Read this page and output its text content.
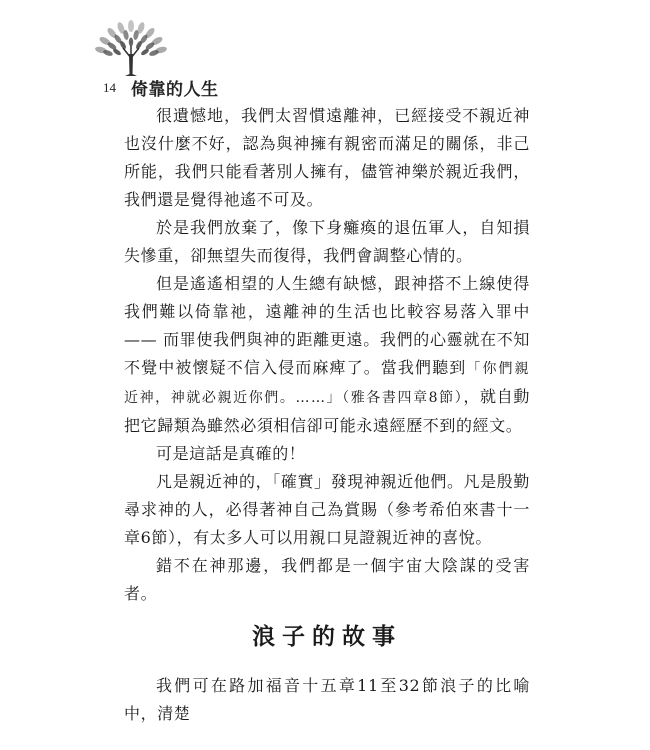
14 倚靠的人生

很遺憾地，我們太習慣遠離神，已經接受不親近神也沒什麼不好，認為與神擁有親密而滿足的關係，非己所能，我們只能看著別人擁有，儘管神樂於親近我們，我們還是覺得祂遙不可及。

於是我們放棄了，像下身癱瘓的退伍軍人，自知損失慘重，卻無望失而復得，我們會調整心情的。

但是遙遙相望的人生總有缺憾，跟神搭不上線使得我們難以倚靠祂，遠離神的生活也比較容易落入罪中 —— 而罪使我們與神的距離更遠。我們的心靈就在不知不覺中被懷疑不信入侵而麻痺了。當我們聽到「你們親近神，神就必親近你們。……」（雅各書四章8節），就自動把它歸類為雖然必須相信卻可能永遠經歷不到的經文。

可是這話是真確的！

凡是親近神的，「確實」發現神親近他們。凡是殷勤尋求神的人，必得著神自己為賞賜（參考希伯來書十一章6節），有太多人可以用親口見證親近神的喜悅。

錯不在神那邊，我們都是一個宇宙大陰謀的受害者。

浪子的故事

我們可在路加福音十五章11至32節浪子的比喻中，清楚
